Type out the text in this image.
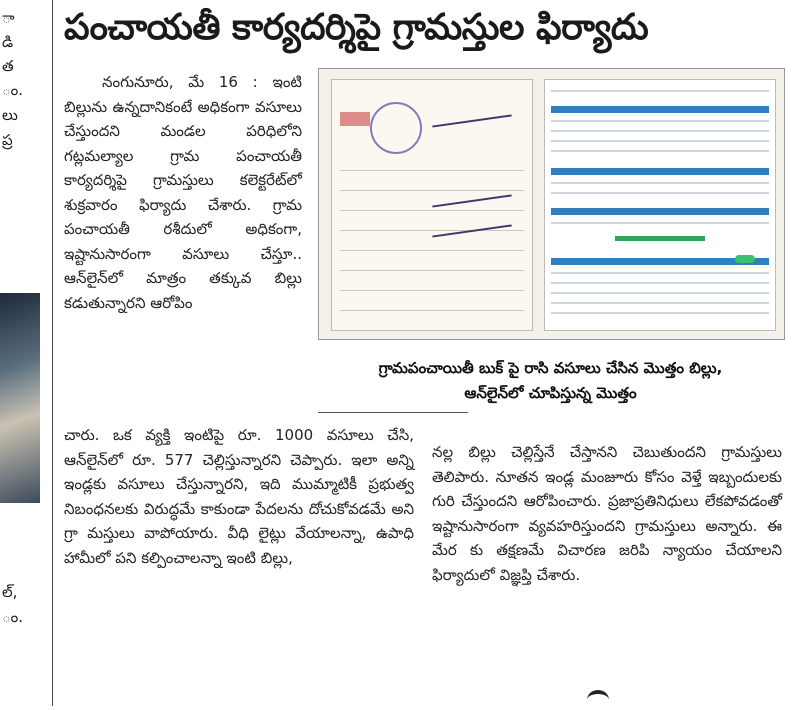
ా
డి
త
ం.
లు
ప్ర
ల్,
ం.
పంచాయతీ కార్యదర్శిపై గ్రామస్తుల ఫిర్యాదు

నంగునూరు, మే 16 : ఇంటి బిల్లును ఉన్నదానికంటే అధికంగా వసూలు చేస్తుందని మండల పరిధిలోని గట్లమల్యాల గ్రామ పంచాయతీ కార్యదర్శిపై గ్రామస్తులు కలెక్టరేట్‌లో శుక్రవారం ఫిర్యాదు చేశారు. గ్రామ పంచాయతీ రశీదులో అధికంగా, ఇష్టానుసారంగా వసూలు చేస్తూ.. ఆన్‌లైన్‌లో మాత్రం తక్కువ బిల్లు కడుతున్నారని ఆరోపిం

గ్రామపంచాయితీ బుక్ పై రాసి వసూలు చేసిన మొత్తం బిల్లు,
ఆన్‌లైన్‌లో చూపిస్తున్న మొత్తం

చారు. ఒక వ్యక్తి ఇంటిపై రూ. 1000 వసూలు చేసి, ఆన్‌లైన్‌లో రూ. 577 చెల్లిస్తున్నారని చెప్పారు. ఇలా అన్ని ఇండ్లకు వసూలు చేస్తున్నారని, ఇది ముమ్మాటికీ ప్రభుత్వ నిబంధనలకు విరుద్ధమే కాకుండా పేదలను దోచుకోవడమే అని గ్రా మస్తులు వాపోయారు. వీధి లైట్లు వేయాలన్నా, ఉపాధి హామీలో పని కల్పించాలన్నా ఇంటి బిల్లు,

నల్ల బిల్లు చెల్లిస్తేనే చేస్తానని చెబుతుందని గ్రామస్తులు తెలిపారు. నూతన ఇండ్ల మంజూరు కోసం వెళ్తే ఇబ్బందులకు గురి చేస్తుందని ఆరోపించారు. ప్రజాప్రతినిధులు లేకపోవడంతో ఇష్టానుసారంగా వ్యవహరిస్తుందని గ్రామస్తులు అన్నారు. ఈ మేర కు తక్షణమే విచారణ జరిపి న్యాయం చేయాలని ఫిర్యాదులో విజ్ఞప్తి చేశారు.
